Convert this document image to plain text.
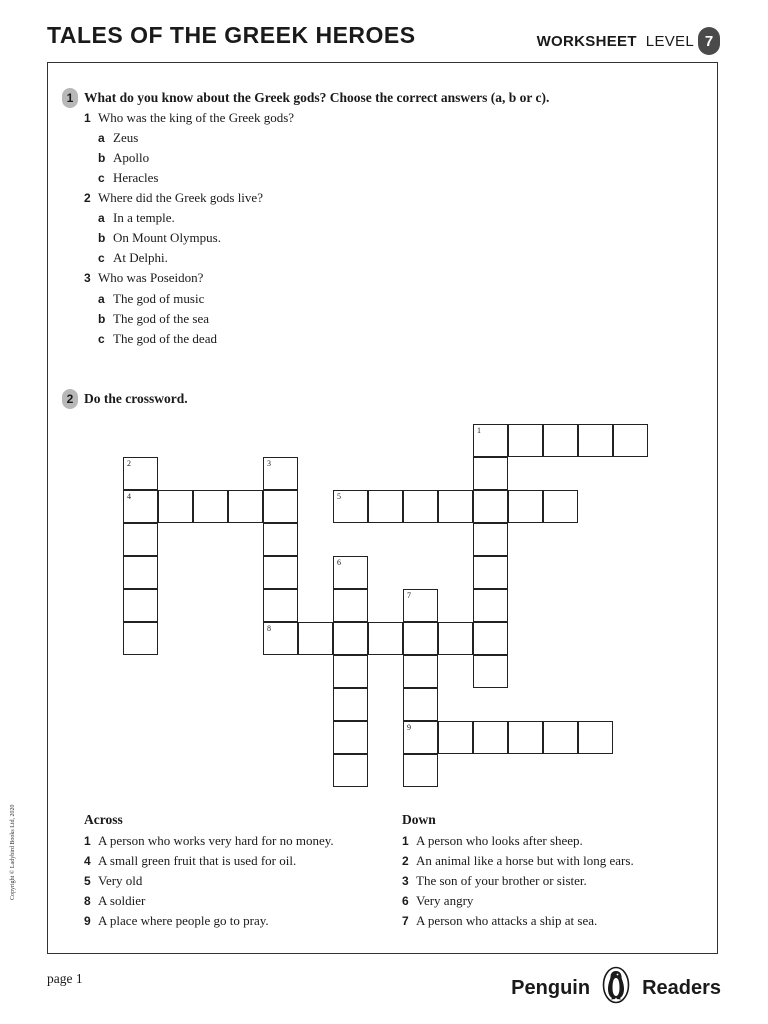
TALES OF THE GREEK HEROES	WORKSHEET LEVEL 7
1 What do you know about the Greek gods? Choose the correct answers (a, b or c).
1 Who was the king of the Greek gods?
a Zeus
b Apollo
c Heracles
2 Where did the Greek gods live?
a In a temple.
b On Mount Olympus.
c At Delphi.
3 Who was Poseidon?
a The god of music
b The god of the sea
c The god of the dead
2 Do the crossword.
1
2
4
3
8
5
6
7
9
Across	Down
1 A person who works very hard for no money.
4 A small green fruit that is used for oil.
5 Very old
8 A soldier
9 A place where people go to pray.
1 A person who looks after sheep.
2 An animal like a horse but with long ears.
3 The son of your brother or sister.
6 Very angry
7 A person who attacks a ship at sea.
Copyright © Ladybird Books Ltd, 2020
page 1	Penguin	Readers
